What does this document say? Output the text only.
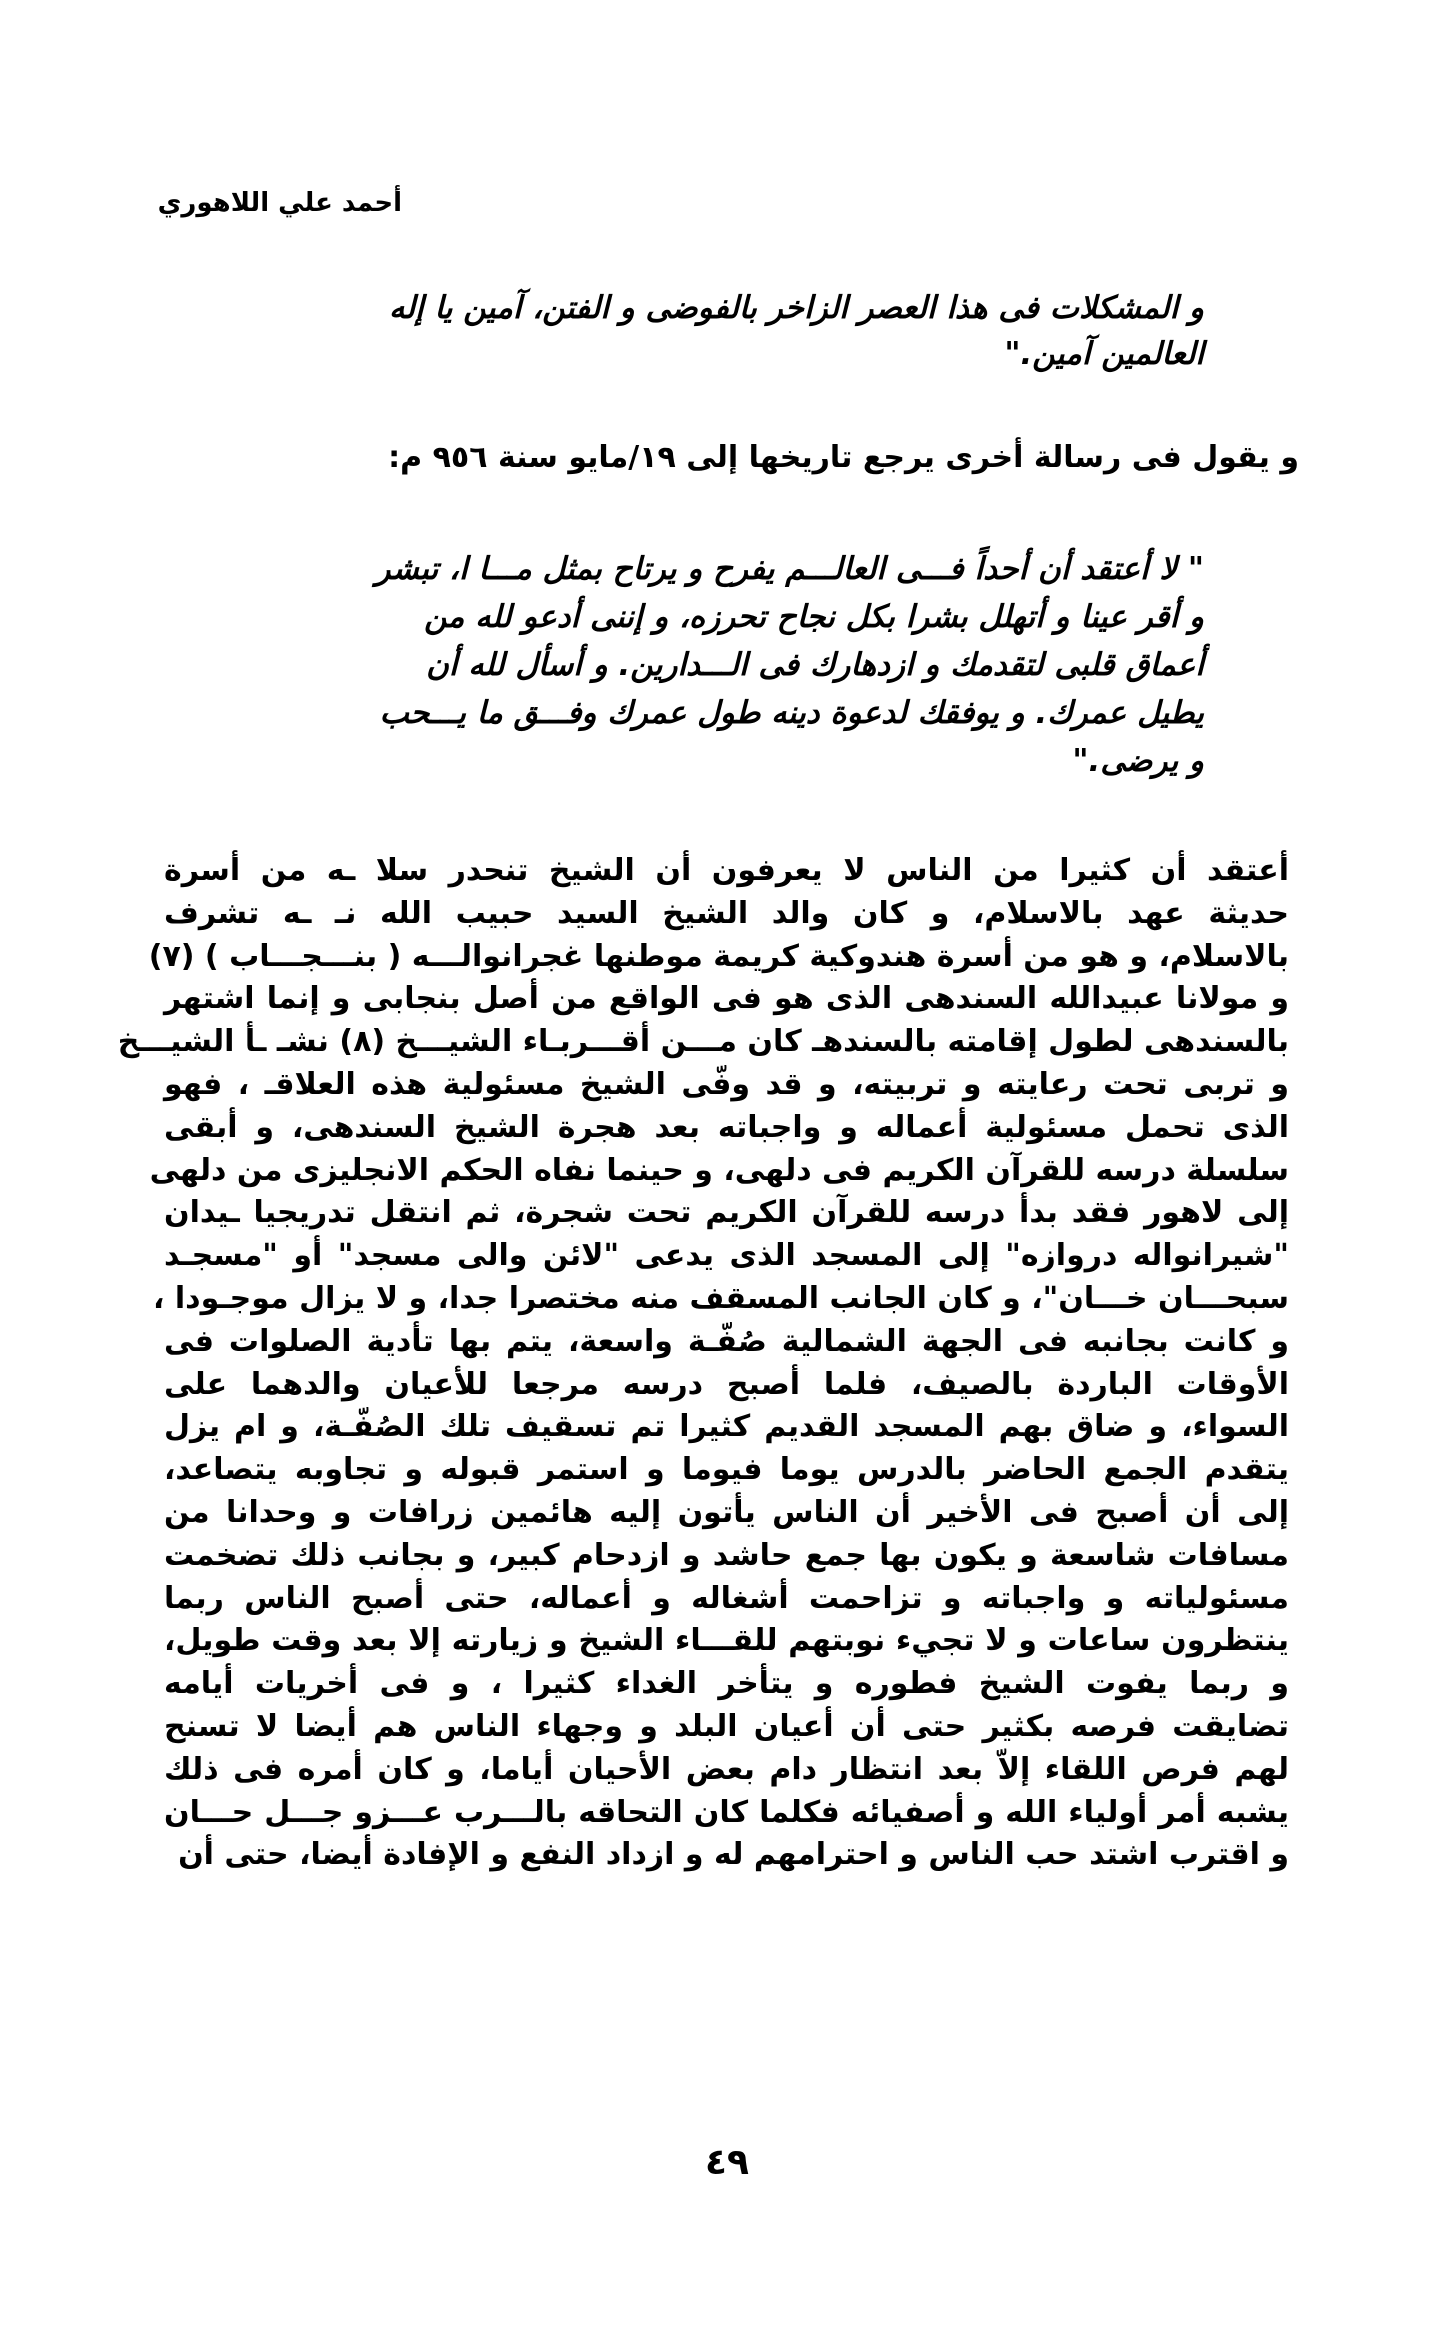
أحمد علي اللاهوري
و المشكلات فى هذا العصر الزاخر بالفوضى و الفتن، آمين يا إله
العالمين آمين."
و يقول فى رسالة أخرى يرجع تاريخها إلى ١٩/مايو سنة ٩٥٦ م:
" لا أعتقد أن أحداً فـــى العالـــم يفرح و يرتاح بمثل مـــا ا، تبشر
و أقر عينا و أتهلل بشرا بكل نجاح تحرزه، و إننى أدعو لله من
أعماق قلبى لتقدمك و ازدهارك فى الـــدارين. و أسأل لله أن
يطيل عمرك. و يوفقك لدعوة دينه طول عمرك وفـــق ما يـــحب
و يرضى."
أعتقد أن كثيرا من الناس لا يعرفون أن الشيخ تنحدر سلا ـه من أسرة
حديثة عهد بالاسلام، و كان والد الشيخ السيد حبيب الله نـ ـه تشرف
بالاسلام، و هو من أسرة هندوكية كريمة موطنها غجرانوالـــه ( بنـــجـــاب ) (٧)
و مولانا عبيدالله السندهى الذى هو فى الواقع من أصل بنجابى و إنما اشتهر
بالسندهى لطول إقامته بالسندهـ كان مـــن أقـــربـاء الشيـــخ (٨) نشـ ـأ الشيـــخ
و تربى تحت رعايته و تربيته، و قد وفّى الشيخ مسئولية هذه العلاقـ ، فهو
الذى تحمل مسئولية أعماله و واجباته بعد هجرة الشيخ السندهى، و أبقى
سلسلة درسه للقرآن الكريم فى دلهى، و حينما نفاه الحكم الانجليزى من دلهى
إلى لاهور فقد بدأ درسه للقرآن الكريم تحت شجرة، ثم انتقل تدريجيا ـيدان
"شيرانواله دروازه" إلى المسجد الذى يدعى "لائن والى مسجد" أو "مسجـد
سبحـــان خـــان"، و كان الجانب المسقف منه مختصرا جدا، و لا يزال موجـودا ،
و كانت بجانبه فى الجهة الشمالية صُفّـة واسعة، يتم بها تأدية الصلوات فى
الأوقات الباردة بالصيف، فلما أصبح درسه مرجعا للأعيان والدهما على
السواء، و ضاق بهم المسجد القديم كثيرا تم تسقيف تلك الصُفّـة، و ام يزل
يتقدم الجمع الحاضر بالدرس يوما فيوما و استمر قبوله و تجاوبه يتصاعد،
إلى أن أصبح فى الأخير أن الناس يأتون إليه هائمين زرافات و وحدانا من
مسافات شاسعة و يكون بها جمع حاشد و ازدحام كبير، و بجانب ذلك تضخمت
مسئولياته و واجباته و تزاحمت أشغاله و أعماله، حتى أصبح الناس ربما
ينتظرون ساعات و لا تجيء نوبتهم للقـــاء الشيخ و زيارته إلا بعد وقت طويل،
و ربما يفوت الشيخ فطوره و يتأخر الغداء كثيرا ، و فى أخريات أيامه
تضايقت فرصه بكثير حتى أن أعيان البلد و وجهاء الناس هم أيضا لا تسنح
لهم فرص اللقاء إلاّ بعد انتظار دام بعض الأحيان أياما، و كان أمره فى ذلك
يشبه أمر أولياء الله و أصفيائه فكلما كان التحاقه بالـــرب عـــزو جـــل حـــان
و اقترب اشتد حب الناس و احترامهم له و ازداد النفع و الإفادة أيضا، حتى أن
٤٩
